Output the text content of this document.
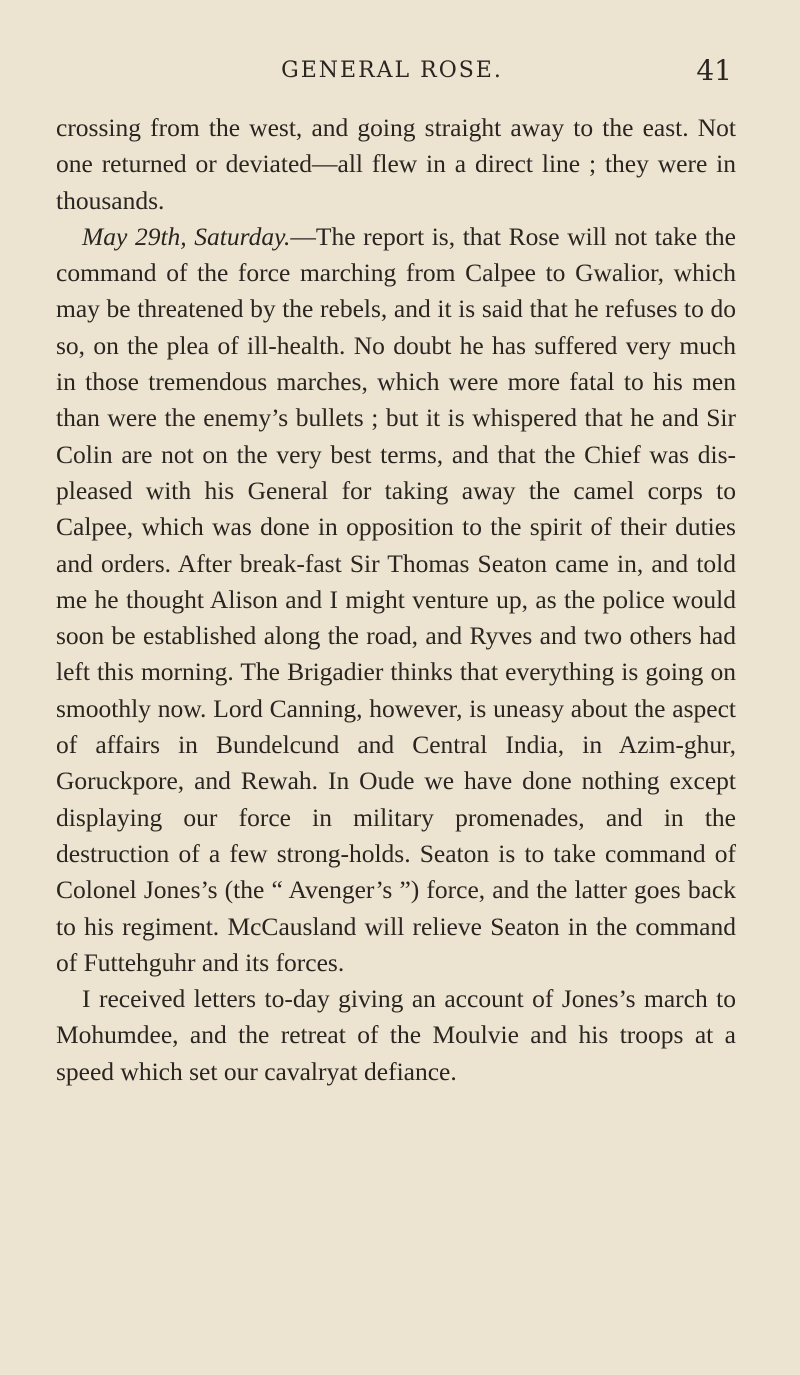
GENERAL ROSE.	41

crossing from the west, and going straight away to the east. Not one returned or deviated—all flew in a direct line ; they were in thousands.

May 29th, Saturday.—The report is, that Rose will not take the command of the force marching from Calpee to Gwalior, which may be threatened by the rebels, and it is said that he refuses to do so, on the plea of ill-health. No doubt he has suffered very much in those tremendous marches, which were more fatal to his men than were the enemy’s bullets ; but it is whispered that he and Sir Colin are not on the very best terms, and that the Chief was dis-pleased with his General for taking away the camel corps to Calpee, which was done in opposition to the spirit of their duties and orders. After break-fast Sir Thomas Seaton came in, and told me he thought Alison and I might venture up, as the police would soon be established along the road, and Ryves and two others had left this morning. The Brigadier thinks that everything is going on smoothly now. Lord Canning, however, is uneasy about the aspect of affairs in Bundelcund and Central India, in Azim-ghur, Goruckpore, and Rewah. In Oude we have done nothing except displaying our force in military promenades, and in the destruction of a few strong-holds. Seaton is to take command of Colonel Jones’s (the “ Avenger’s ”) force, and the latter goes back to his regiment. McCausland will relieve Seaton in the command of Futtehguhr and its forces.

I received letters to-day giving an account of Jones’s march to Mohumdee, and the retreat of the Moulvie and his troops at a speed which set our cavalryat defiance.
